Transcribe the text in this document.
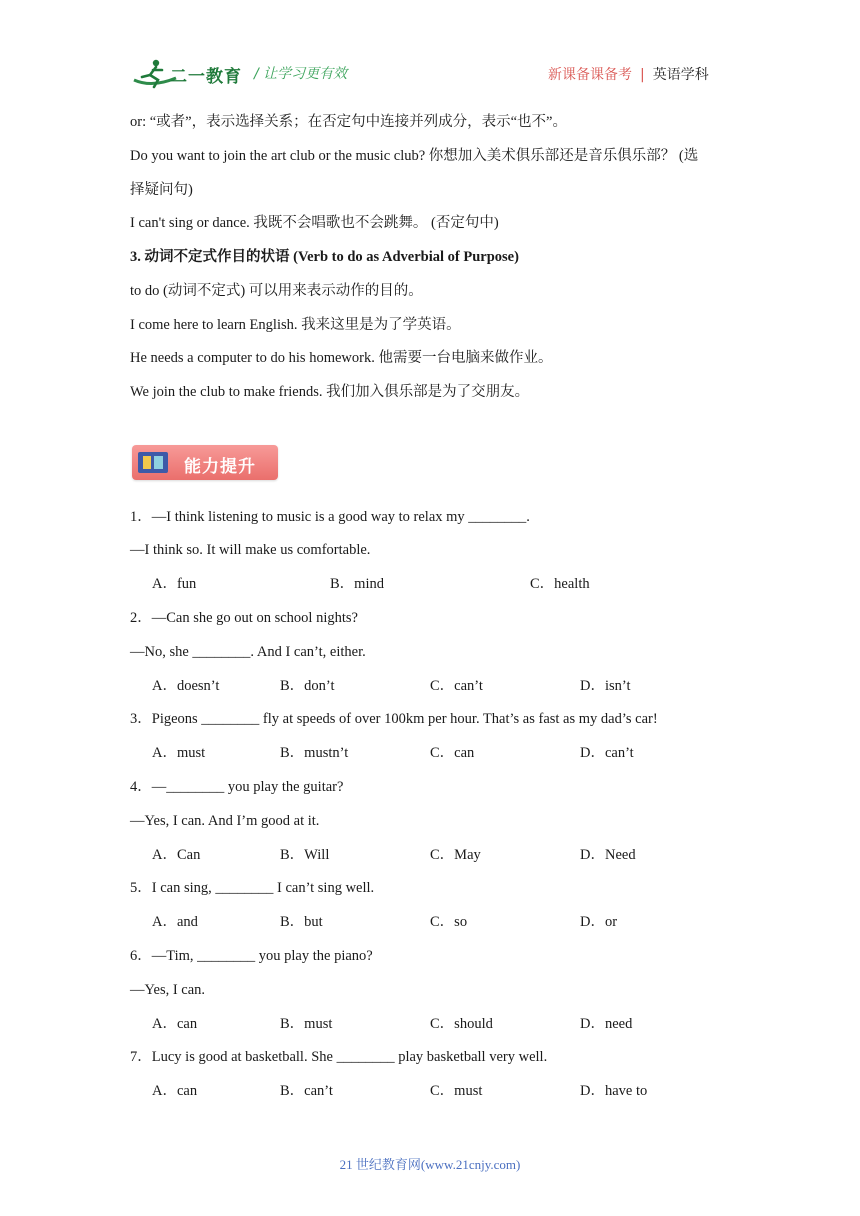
二一教育 / 让学习更有效	新课备课备考 | 英语学科
or: “或者”，表示选择关系；在否定句中连接并列成分，表示“也不”。
Do you want to join the art club or the music club? 你想加入美术俱乐部还是音乐俱乐部？ (选
择疑问句)
I can't sing or dance. 我既不会唱歌也不会跳舞。 (否定句中)
3. 动词不定式作目的状语 (Verb to do as Adverbial of Purpose)
to do (动词不定式) 可以用来表示动作的目的。
I come here to learn English. 我来这里是为了学英语。
He needs a computer to do his homework. 他需要一台电脑来做作业。
We join the club to make friends. 我们加入俱乐部是为了交朋友。
能力提升
1．—I think listening to music is a good way to relax my ________.
—I think so. It will make us comfortable.
A．fun	B．mind	C．health
2．—Can she go out on school nights?
—No, she ________. And I can’t, either.
A．doesn’t	B．don’t	C．can’t	D．isn’t
3．Pigeons ________ fly at speeds of over 100km per hour. That’s as fast as my dad’s car!
A．must	B．mustn’t	C．can	D．can’t
4．—________ you play the guitar?
—Yes, I can. And I’m good at it.
A．Can	B．Will	C．May	D．Need
5．I can sing, ________ I can’t sing well.
A．and	B．but	C．so	D．or
6．—Tim, ________ you play the piano?
—Yes, I can.
A．can	B．must	C．should	D．need
7．Lucy is good at basketball. She ________ play basketball very well.
A．can	B．can’t	C．must	D．have to
21 世纪教育网(www.21cnjy.com)
